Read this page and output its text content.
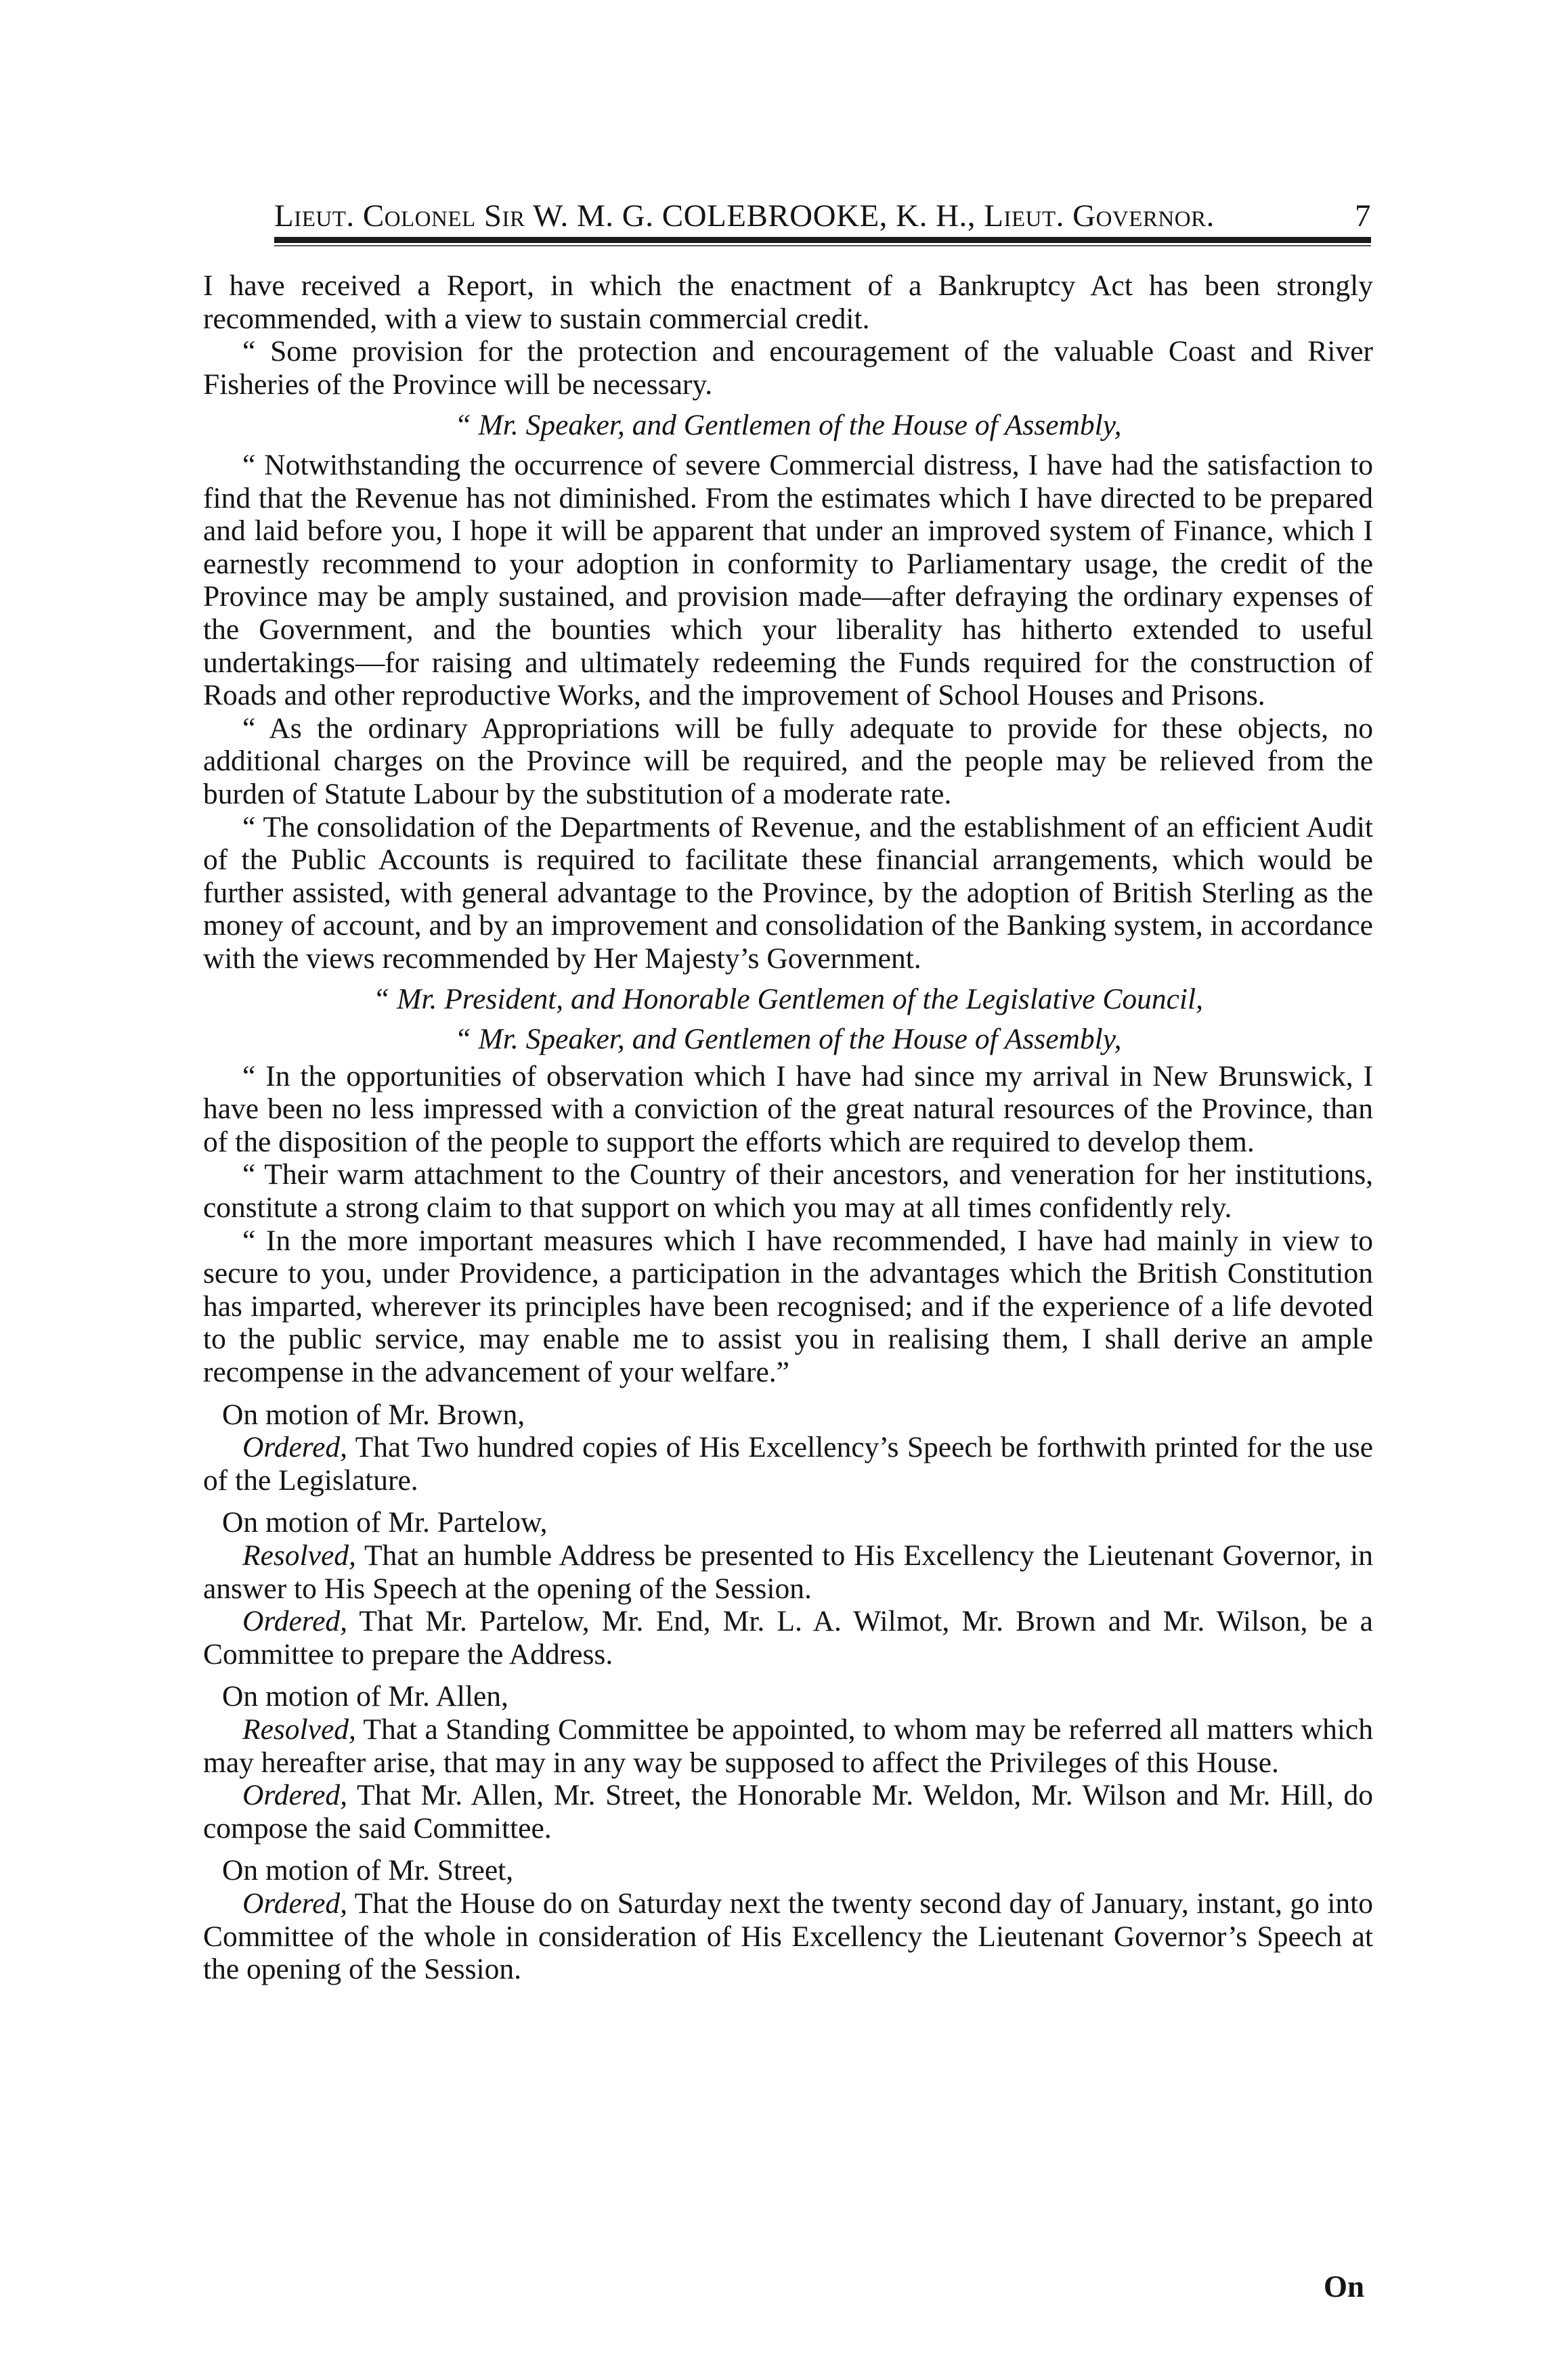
Lieut. Colonel Sir W. M. G. COLEBROOKE, K. H., Lieut. Governor.	7

I have received a Report, in which the enactment of a Bankruptcy Act has been strongly recommended, with a view to sustain commercial credit.

“ Some provision for the protection and encouragement of the valuable Coast and River Fisheries of the Province will be necessary.

“ Mr. Speaker, and Gentlemen of the House of Assembly,

“ Notwithstanding the occurrence of severe Commercial distress, I have had the satisfaction to find that the Revenue has not diminished. From the estimates which I have directed to be prepared and laid before you, I hope it will be apparent that under an improved system of Finance, which I earnestly recommend to your adoption in conformity to Parliamentary usage, the credit of the Province may be amply sustained, and provision made—after defraying the ordinary expenses of the Government, and the bounties which your liberality has hitherto extended to useful undertakings—for raising and ultimately redeeming the Funds required for the construction of Roads and other reproductive Works, and the improvement of School Houses and Prisons.

“ As the ordinary Appropriations will be fully adequate to provide for these objects, no additional charges on the Province will be required, and the people may be relieved from the burden of Statute Labour by the substitution of a moderate rate.

“ The consolidation of the Departments of Revenue, and the establishment of an efficient Audit of the Public Accounts is required to facilitate these financial arrangements, which would be further assisted, with general advantage to the Province, by the adoption of British Sterling as the money of account, and by an improvement and consolidation of the Banking system, in accordance with the views recommended by Her Majesty’s Government.

“ Mr. President, and Honorable Gentlemen of the Legislative Council,

“ Mr. Speaker, and Gentlemen of the House of Assembly,

“ In the opportunities of observation which I have had since my arrival in New Brunswick, I have been no less impressed with a conviction of the great natural resources of the Province, than of the disposition of the people to support the efforts which are required to develop them.

“ Their warm attachment to the Country of their ancestors, and veneration for her institutions, constitute a strong claim to that support on which you may at all times confidently rely.

“ In the more important measures which I have recommended, I have had mainly in view to secure to you, under Providence, a participation in the advantages which the British Constitution has imparted, wherever its principles have been recognised; and if the experience of a life devoted to the public service, may enable me to assist you in realising them, I shall derive an ample recompense in the advancement of your welfare.”

On motion of Mr. Brown,

Ordered, That Two hundred copies of His Excellency’s Speech be forthwith printed for the use of the Legislature.

On motion of Mr. Partelow,

Resolved, That an humble Address be presented to His Excellency the Lieutenant Governor, in answer to His Speech at the opening of the Session.

Ordered, That Mr. Partelow, Mr. End, Mr. L. A. Wilmot, Mr. Brown and Mr. Wilson, be a Committee to prepare the Address.

On motion of Mr. Allen,

Resolved, That a Standing Committee be appointed, to whom may be referred all matters which may hereafter arise, that may in any way be supposed to affect the Privileges of this House.

Ordered, That Mr. Allen, Mr. Street, the Honorable Mr. Weldon, Mr. Wilson and Mr. Hill, do compose the said Committee.

On motion of Mr. Street,

Ordered, That the House do on Saturday next the twenty second day of January, instant, go into Committee of the whole in consideration of His Excellency the Lieutenant Governor’s Speech at the opening of the Session.

On
